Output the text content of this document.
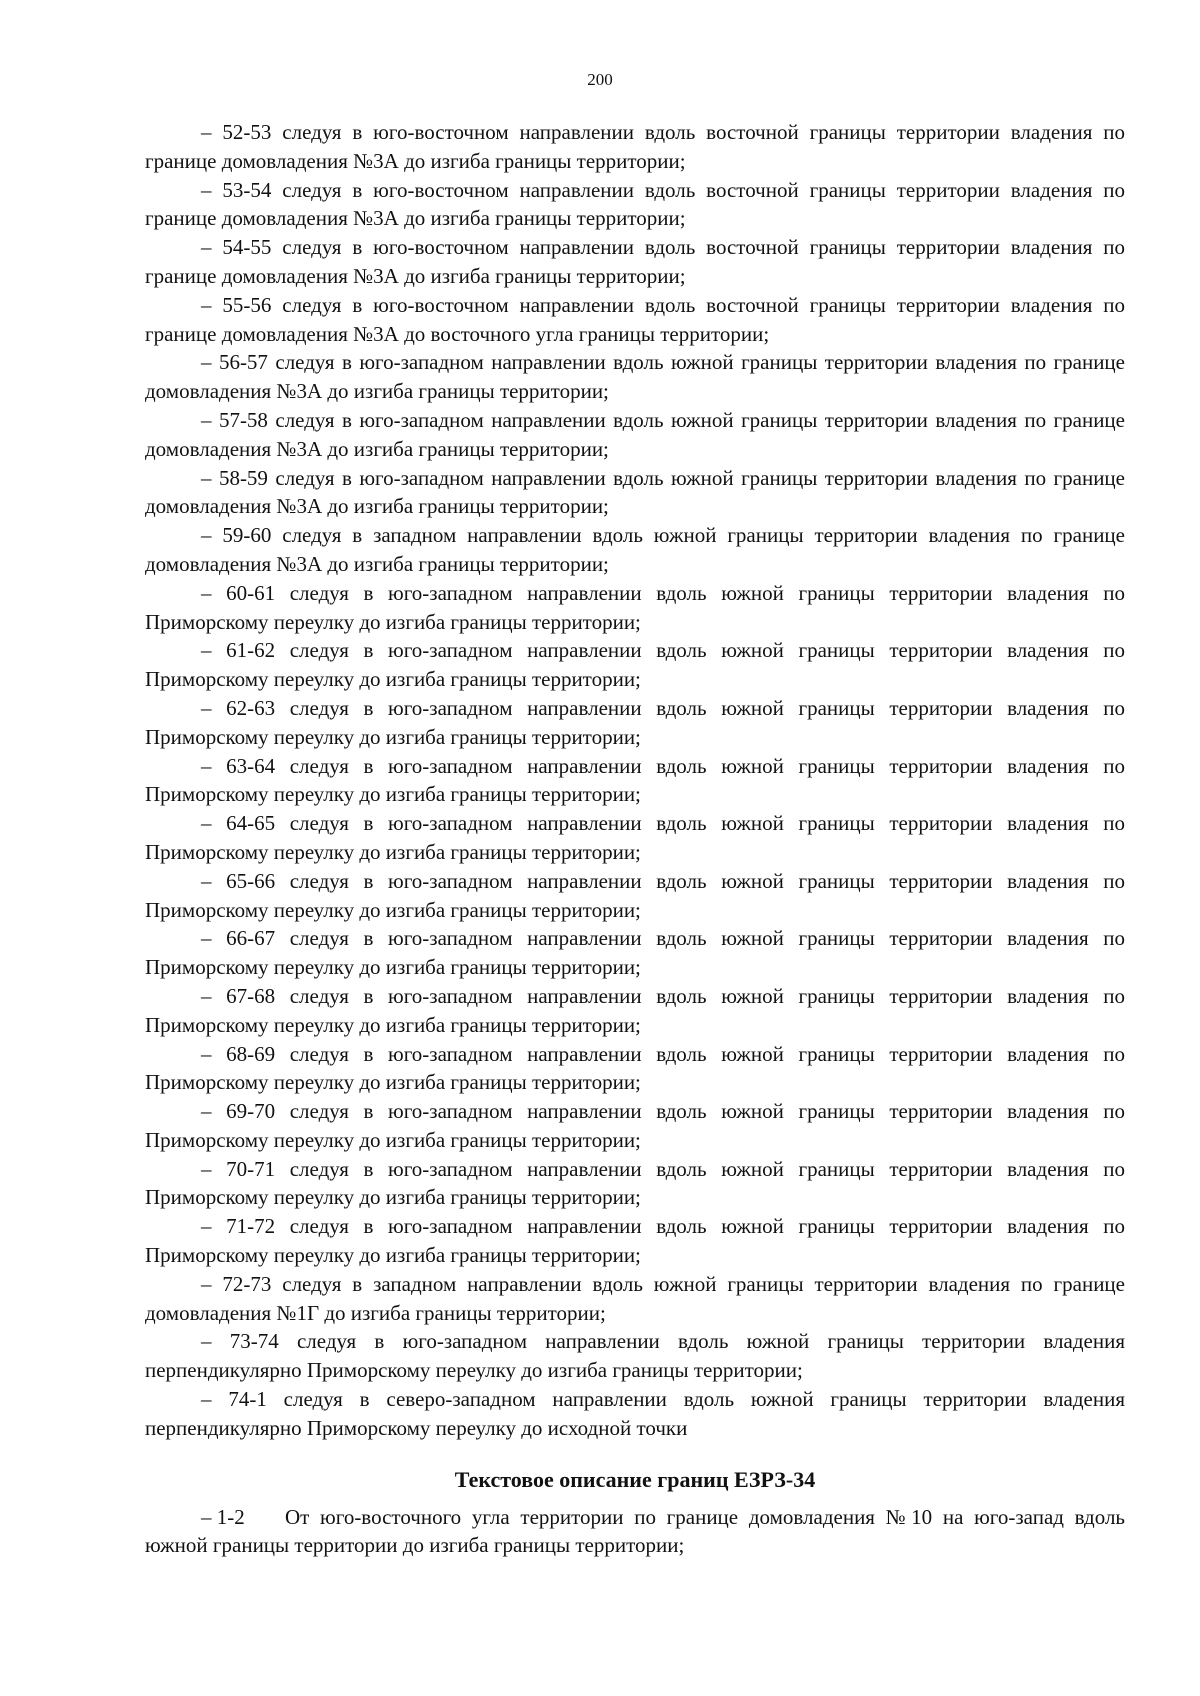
200

– 52-53 следуя в юго-восточном направлении вдоль восточной границы территории владения по границе домовладения №3А до изгиба границы территории;

– 53-54 следуя в юго-восточном направлении вдоль восточной границы территории владения по границе домовладения №3А до изгиба границы территории;

– 54-55 следуя в юго-восточном направлении вдоль восточной границы территории владения по границе домовладения №3А до изгиба границы территории;

– 55-56 следуя в юго-восточном направлении вдоль восточной границы территории владения по границе домовладения №3А до восточного угла границы территории;

– 56-57 следуя в юго-западном направлении вдоль южной границы территории владения по границе домовладения №3А до изгиба границы территории;

– 57-58 следуя в юго-западном направлении вдоль южной границы территории владения по границе домовладения №3А до изгиба границы территории;

– 58-59 следуя в юго-западном направлении вдоль южной границы территории владения по границе домовладения №3А до изгиба границы территории;

– 59-60 следуя в западном направлении вдоль южной границы территории владения по границе домовладения №3А до изгиба границы территории;

– 60-61 следуя в юго-западном направлении вдоль южной границы территории владения по Приморскому переулку до изгиба границы территории;

– 61-62 следуя в юго-западном направлении вдоль южной границы территории владения по Приморскому переулку до изгиба границы территории;

– 62-63 следуя в юго-западном направлении вдоль южной границы территории владения по Приморскому переулку до изгиба границы территории;

– 63-64 следуя в юго-западном направлении вдоль южной границы территории владения по Приморскому переулку до изгиба границы территории;

– 64-65 следуя в юго-западном направлении вдоль южной границы территории владения по Приморскому переулку до изгиба границы территории;

– 65-66 следуя в юго-западном направлении вдоль южной границы территории владения по Приморскому переулку до изгиба границы территории;

– 66-67 следуя в юго-западном направлении вдоль южной границы территории владения по Приморскому переулку до изгиба границы территории;

– 67-68 следуя в юго-западном направлении вдоль южной границы территории владения по Приморскому переулку до изгиба границы территории;

– 68-69 следуя в юго-западном направлении вдоль южной границы территории владения по Приморскому переулку до изгиба границы территории;

– 69-70 следуя в юго-западном направлении вдоль южной границы территории владения по Приморскому переулку до изгиба границы территории;

– 70-71 следуя в юго-западном направлении вдоль южной границы территории владения по Приморскому переулку до изгиба границы территории;

– 71-72 следуя в юго-западном направлении вдоль южной границы территории владения по Приморскому переулку до изгиба границы территории;

– 72-73 следуя в западном направлении вдоль южной границы территории владения по границе домовладения №1Г до изгиба границы территории;

– 73-74 следуя в юго-западном направлении вдоль южной границы территории владения перпендикулярно Приморскому переулку до изгиба границы территории;

– 74-1 следуя в северо-западном направлении вдоль южной границы территории владения перпендикулярно Приморскому переулку до исходной точки

Текстовое описание границ ЕЗРЗ-34

– 1-2 От юго-восточного угла территории по границе домовладения №10 на юго-запад вдоль южной границы территории до изгиба границы территории;
